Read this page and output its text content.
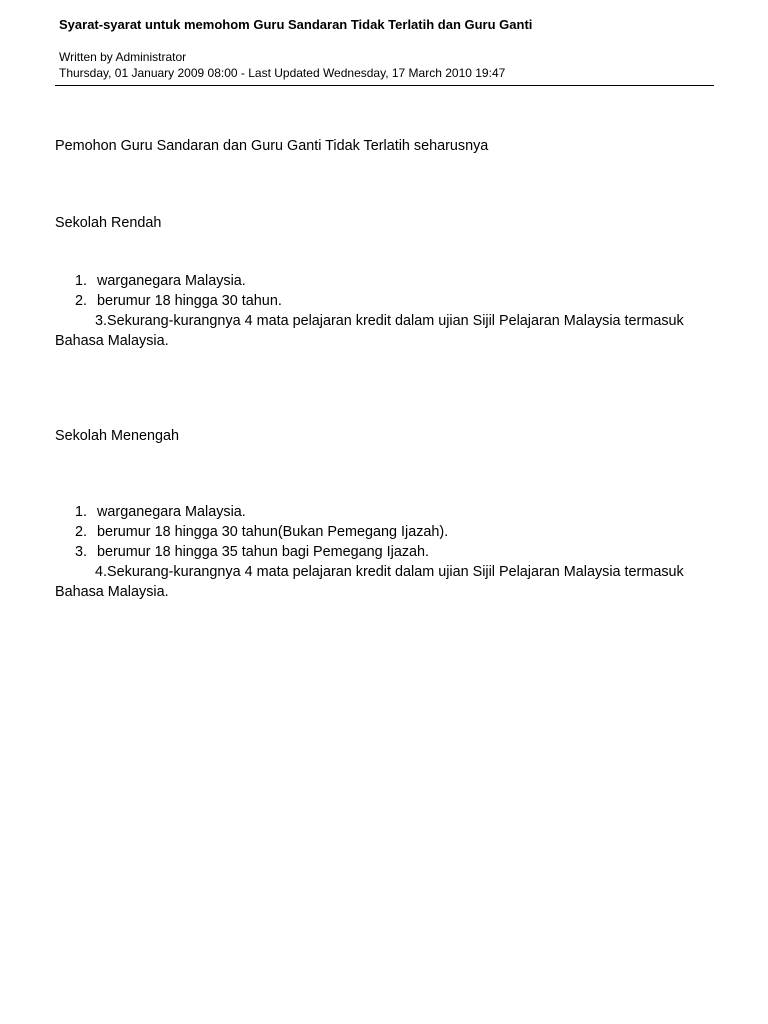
Syarat-syarat untuk memohom Guru Sandaran Tidak Terlatih dan Guru Ganti
Written by Administrator
Thursday, 01 January 2009 08:00 - Last Updated Wednesday, 17 March 2010 19:47
Pemohon Guru Sandaran dan Guru Ganti Tidak Terlatih seharusnya
Sekolah Rendah
1. warganegara Malaysia.
2. berumur 18 hingga 30 tahun.
3.Sekurang-kurangnya 4 mata pelajaran kredit dalam ujian Sijil Pelajaran Malaysia termasuk Bahasa Malaysia.
Sekolah Menengah
1. warganegara Malaysia.
2. berumur 18 hingga 30 tahun(Bukan Pemegang Ijazah).
3. berumur 18 hingga 35 tahun bagi Pemegang Ijazah.
4.Sekurang-kurangnya 4 mata pelajaran kredit dalam ujian Sijil Pelajaran Malaysia termasuk Bahasa Malaysia.
